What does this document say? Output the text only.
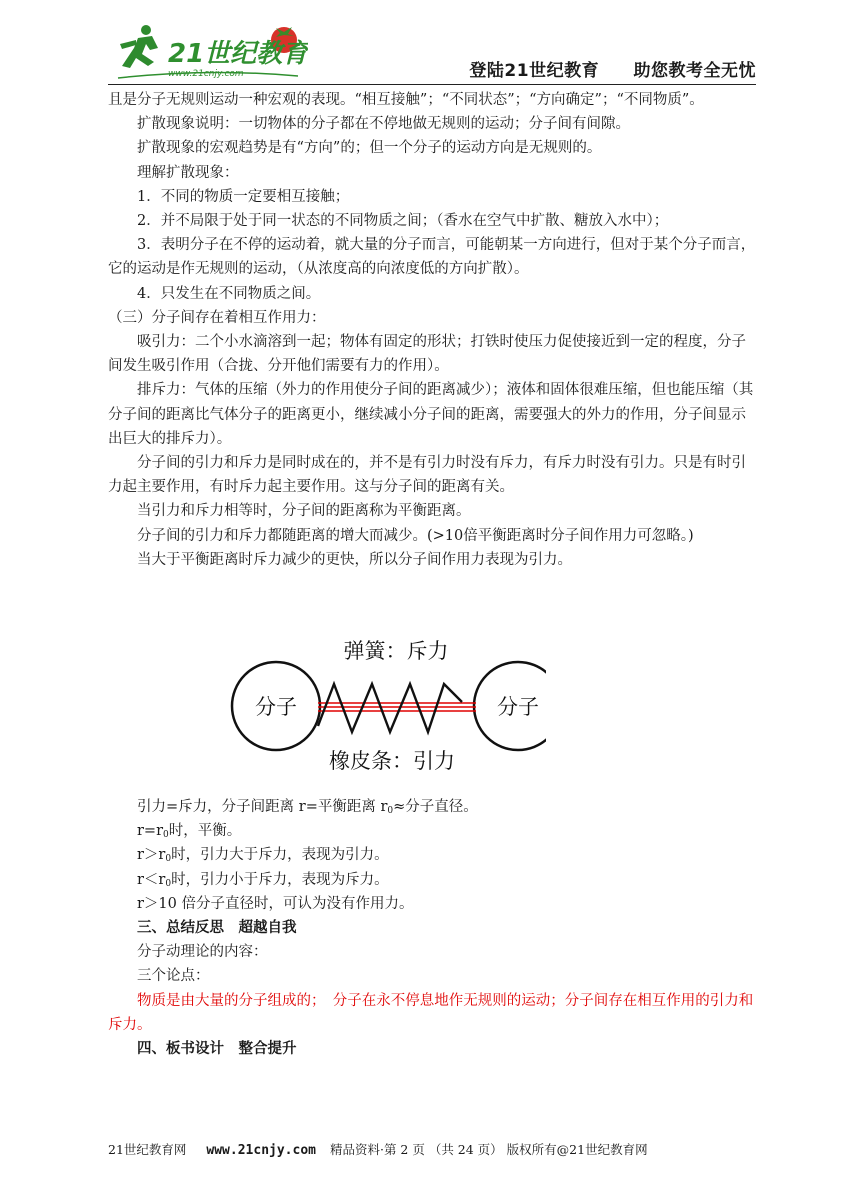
21世纪教育
www.21cnjy.com	登陆21世纪教育 助您教考全无忧

且是分子无规则运动一种宏观的表现。“相互接触”；“不同状态”；“方向确定”；“不同物质”。

扩散现象说明：一切物体的分子都在不停地做无规则的运动；分子间有间隙。

扩散现象的宏观趋势是有“方向”的；但一个分子的运动方向是无规则的。

理解扩散现象：

1．不同的物质一定要相互接触；

2．并不局限于处于同一状态的不同物质之间；（香水在空气中扩散、糖放入水中）；

3．表明分子在不停的运动着，就大量的分子而言，可能朝某一方向进行，但对于某个分子而言，它的运动是作无规则的运动，（从浓度高的向浓度低的方向扩散）。

4．只发生在不同物质之间。

（三）分子间存在着相互作用力：

吸引力：二个小水滴溶到一起；物体有固定的形状；打铁时使压力促使接近到一定的程度，分子间发生吸引作用（合拢、分开他们需要有力的作用）。

排斥力：气体的压缩（外力的作用使分子间的距离减少）；液体和固体很难压缩，但也能压缩（其分子间的距离比气体分子的距离更小，继续减小分子间的距离，需要强大的外力的作用，分子间显示出巨大的排斥力）。

分子间的引力和斥力是同时成在的，并不是有引力时没有斥力，有斥力时没有引力。只是有时引力起主要作用，有时斥力起主要作用。这与分子间的距离有关。

当引力和斥力相等时，分子间的距离称为平衡距离。

分子间的引力和斥力都随距离的增大而减少。(>10倍平衡距离时分子间作用力可忽略。)

当大于平衡距离时斥力减少的更快，所以分子间作用力表现为引力。

弹簧：斥力
分子	分子
橡皮条：引力

引力=斥力，分子间距离 r=平衡距离 $r_0\approx$分子直径。

$r=r_0$时，平衡。

$r>r_0$时，引力大于斥力，表现为引力。

$r<r_0$时，引力小于斥力，表现为斥力。

r＞10 倍分子直径时，可认为没有作用力。

三、总结反思　超越自我

分子动理论的内容：

三个论点：

物质是由大量的分子组成的；　分子在永不停息地作无规则的运动；分子间存在相互作用的引力和斥力。

四、板书设计　整合提升

21世纪教育网 www.21cnjy.com 精品资料·第 2 页 （共 24 页） 版权所有@21世纪教育网
